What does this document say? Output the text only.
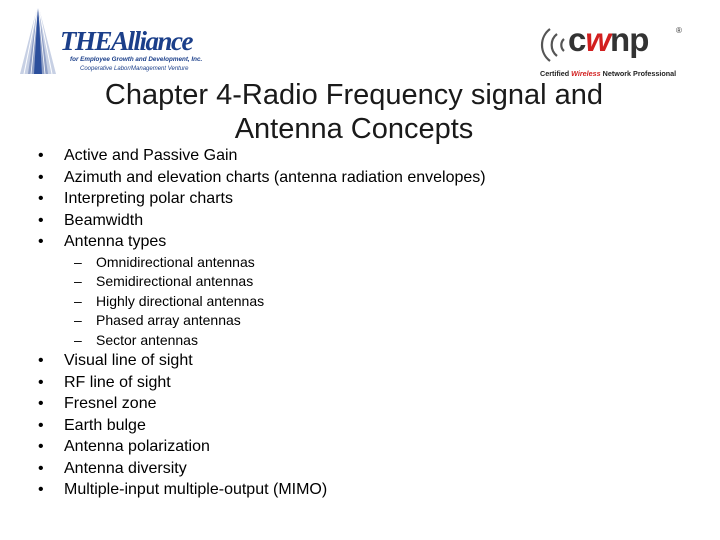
THEAlliance
for Employee Growth and Development, Inc.
Cooperative Labor/Management Venture
cwnp	®
Certified Wireless Network Professional
Chapter 4-Radio Frequency signal and
Antenna Concepts
• Active and Passive Gain
• Azimuth and elevation charts (antenna radiation envelopes)
• Interpreting polar charts
• Beamwidth
• Antenna types
– Omnidirectional antennas
– Semidirectional antennas
– Highly directional antennas
– Phased array antennas
– Sector antennas
• Visual line of sight
• RF line of sight
• Fresnel zone
• Earth bulge
• Antenna polarization
• Antenna diversity
• Multiple-input multiple-output (MIMO)
